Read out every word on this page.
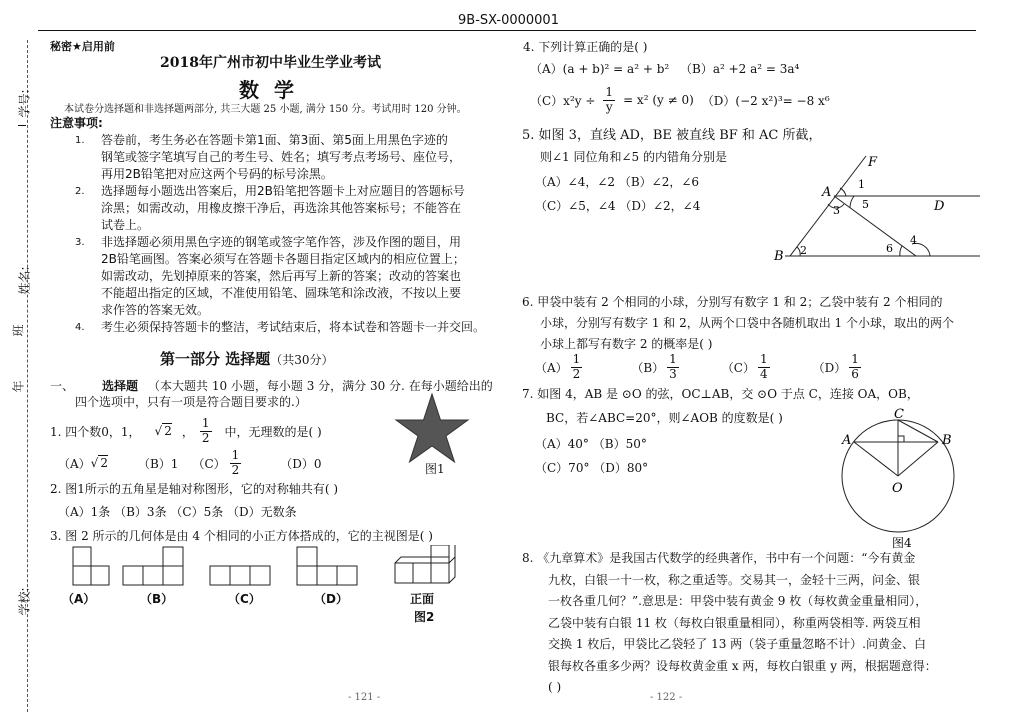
9B-SX-0000001
学号:
姓名:
班
年
学校:
秘密★启用前
2018年广州市初中毕业生学业考试
数 学
本试卷分选择题和非选择题两部分, 共三大题 25 小题, 满分 150 分。考试用时 120 分钟。
注意事项:
1. 答卷前，考生务必在答题卡第1面、第3面、第5面上用黑色字迹的
钢笔或签字笔填写自己的考生号、姓名；填写考点考场号、座位号，
再用2B铅笔把对应这两个号码的标号涂黑。
2. 选择题每小题选出答案后，用2B铅笔把答题卡上对应题目的答题标号
涂黑；如需改动，用橡皮擦干净后，再选涂其他答案标号；不能答在
试卷上。
3. 非选择题必须用黑色字迹的钢笔或签字笔作答，涉及作图的题目，用
2B铅笔画图。答案必须写在答题卡各题目指定区域内的相应位置上；
如需改动，先划掉原来的答案，然后再写上新的答案；改动的答案也
不能超出指定的区域，不准使用铅笔、圆珠笔和涂改液，不按以上要
求作答的答案无效。
4. 考生必须保持答题卡的整洁，考试结束后，将本试卷和答题卡一并交回。
第一部分 选择题（共30分）
一、 选择题 （本大题共 10 小题，每小题 3 分，满分 30 分. 在每小题给出的
四个选项中，只有一项是符合题目要求的.）
1. 四个数0，1， √ 2 ， $\frac{1}{2}$ 中，无理数的是( )
（A） √ 2	（B）1 $(C) \frac{1}{2}$	（D）0	图1
2. 图1所示的五角星是轴对称图形，它的对称轴共有( )
（A）1条 （B）3条 （C）5条 （D）无数条
3. 图 2 所示的几何体是由 4 个相同的小正方体搭成的，它的主视图是( )
（A）	（B）	（C）	（D）	正面
图2
- 121 -
4. 下列计算正确的是( )
（A）(a + b)² = a² + b² （B）a² +2 a² = 3a⁴
$(C)x^2y \div \frac{1}{y} = x^2$ (y ≠ 0) （D）(−2 x²)³= −8 x⁶
5. 如图 3，直线 AD，BE 被直线 BF 和 AC 所截，
则∠1 同位角和∠5 的内错角分别是
（A）∠4，∠2 （B）∠2，∠6
（C）∠5，∠4 （D）∠2，∠4
F
A
D
B
1
2
3
4
5
6
6. 甲袋中装有 2 个相同的小球，分别写有数字 1 和 2；乙袋中装有 2 个相同的
小球，分别写有数字 1 和 2，从两个口袋中各随机取出 1 个小球，取出的两个
小球上都写有数字 2 的概率是( )
$(A) \frac{1}{2}$	$(B) \frac{1}{3}$	$(C) \frac{1}{4}$	$(D) \frac{1}{6}$
7. 如图 4，AB 是 ⊙O 的弦，OC⊥AB，交 ⊙O 于点 C，连接 OA，OB，
BC，若∠ABC=20°，则∠AOB 的度数是( )
（A）40° （B）50°
（C）70° （D）80°
C
A	B
O
图4
8. 《九章算术》是我国古代数学的经典著作，书中有一个问题：“今有黄金
九枚，白银一十一枚，称之重适等。交易其一，金轻十三两，问金、银
一枚各重几何？”.意思是：甲袋中装有黄金 9 枚（每枚黄金重量相同），
乙袋中装有白银 11 枚（每枚白银重量相同），称重两袋相等. 两袋互相
交换 1 枚后，甲袋比乙袋轻了 13 两（袋子重量忽略不计）.问黄金、白
银每枚各重多少两？设每枚黄金重 x 两，每枚白银重 y 两，根据题意得：
( )
- 122 -
